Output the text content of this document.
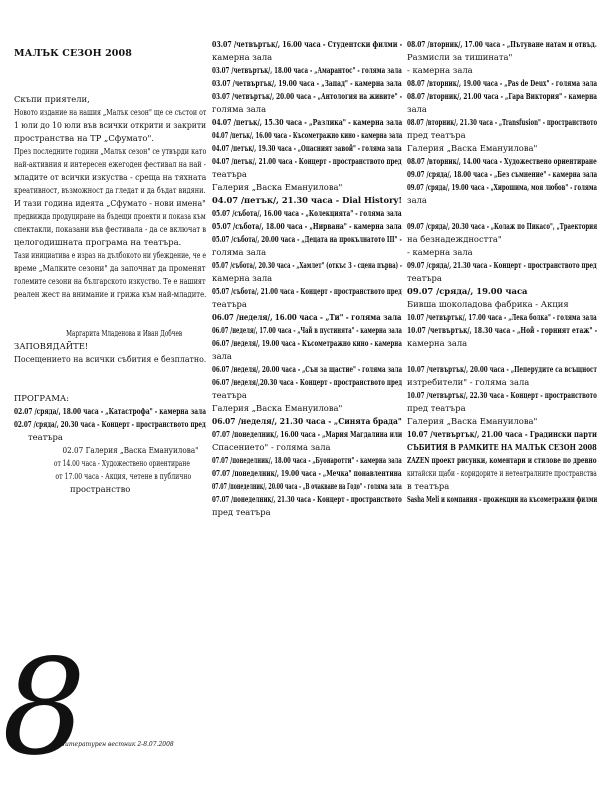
МАЛЪК СЕЗОН 2008
Скъпи приятели,
Новото издание на нашия „Малък сезон" ще се състои от
1 юли до 10 юли във всички открити и закрити
пространства на ТР „Сфумато".
През последните години „Малък сезон" се утвърди като
най-активния и интересен ежегоден фестивал на най -
младите от всички изкуства - среща на тяхната
креативност, възможност да гледат и да бъдат видяни.
И тази година идеята „Сфумато - нови имена"
предвижда продуциране на бъдещи проекти и показа към
спектакли, показани във фестивала - да се включат в
целогодишната програма на театъра.
Тази инициатива е израз на дълбокото ни убеждение, че е
време „Малките сезони" да започнат да променят
големите сезони на българското изкуство. Те е нашият
реален жест на внимание и грижа към най-младите.
Маргарита Младенова и Иван Добчев
ЗАПОВЯДАЙТЕ!
Посещението на всички събития е безплатно.
ПРОГРАМА:
02.07 /сряда/, 18.00 часа - „Катастрофа" - камерна зала
02.07 /сряда/, 20.30 часа - Концерт - пространството пред
театъра
02.07 Галерия „Васка Емануилова"
от 14.00 часа - Художествено ориентиране
от 17.00 часа - Акция, четене в публично
пространство
8
Литературен вестник 2-8.07.2008
03.07 /четвъртък/, 16.00 часа - Студентски филми -
камерна зала
03.07 /четвъртък/, 18.00 часа - „Амарантос" - голяма зала
03.07 /четвъртък/, 19.00 часа - „Запад" - камерна зала
03.07 /четвъртък/, 20.00 часа - „Антология на живите" -
голяма зала
04.07 /петък/, 15.30 часа - „Разлика" - камерна зала
04.07 /петък/, 16.00 часа - Късометражно кино - камерна зала
04.07 /петък/, 19.30 часа - „Опасният завой" - голяма зала
04.07 /петък/, 21.00 часа - Концерт - пространството пред
театъра
Галерия „Васка Емануилова"
04.07 /петък/, 21.30 часа - Dial History!
05.07 /събота/, 16.00 часа - „Колекцията" - голяма зала
05.07 /събота/, 18.00 часа - „Нирвана" - камерна зала
05.07 /събота/, 20.00 часа - „Децата на прокълнатото III" -
голяма зала
05.07 /събота/, 20.30 часа - „Хамлет" (откъс 3 - сцена първа) -
камерна зала
05.07 /събота/, 21.00 часа - Концерт - пространството пред
театъра
06.07 /неделя/, 16.00 часа - „Ти" - голяма зала
06.07 /неделя/, 17.00 часа - „Чай в пустинята" - камерна зала
06.07 /неделя/, 19.00 часа - Късометражно кино - камерна
зала
06.07 /неделя/, 20.00 часа - „Сън за щастие" - голяма зала
06.07 /неделя/,20.30 часа - Концерт - пространството пред
театъра
Галерия „Васка Емануилова"
06.07 /неделя/, 21.30 часа - „Синята брада"
07.07 /понеделник/, 16.00 часа - „Мария Магдалина или
Спасението" - голяма зала
07.07 /понеделник/, 18.00 часа - „Буонаротти" - камерна зала
07.07 /понеделник/, 19.00 часа - „Мечка" понавлентина
07.07 /понеделник/, 20.00 часа - „В очакване на Годо" - голяма зала
07.07 /понеделник/, 21.30 часа - Концерт - пространството
пред театъра
08.07 /вторник/, 17.00 часа - „Пътуване натам и отвъд.
Размисли за тишината"
- камерна зала
08.07 /вторник/, 19.00 часа - „Pas de Deux" - голяма зала
08.07 /вторник/, 21.00 часа - „Гара Виктория" - камерна
зала
08.07 /вторник/, 21.30 часа - „Transfusion" - пространството
пред театъра
Галерия „Васка Емануилова"
08.07 /вторник/, 14.00 часа - Художествено ориентиране
09.07 /сряда/, 18.00 часа - „Без съмнение" - камерна зала
09.07 /сряда/, 19.00 часа - „Хирошима, моя любов" - голяма
зала

09.07 /сряда/, 20.30 часа - „Колаж по Пикасо", „Траектория
на безнадеждността"
- камерна зала
09.07 /сряда/, 21.30 часа - Концерт - пространството пред
театъра
09.07 /сряда/, 19.00 часа
Бивша шоколадова фабрика - Акция
10.07 /четвъртък/, 17.00 часа - „Лека болка" - голяма зала
10.07 /четвъртък/, 18.30 часа - „Ной - горният етаж" -
камерна зала

10.07 /четвъртък/, 20.00 часа - „Пеперудите са всъщност
изтребители" - голяма зала
10.07 /четвъртък/, 22.30 часа - Концерт - пространството
пред театъра
Галерия „Васка Емануилова"
10.07 /четвъртък/, 21.00 часа - Градински парти
СЪБИТИЯ В РАМКИТЕ НА МАЛЪК СЕЗОН 2008
ZAZEN проект рисунки, коментари и стилове по древно
китайски щаби - коридорите и нетеатралните пространства
в театъра
Sasha Meli и компания - прожекции на късометражни филми
